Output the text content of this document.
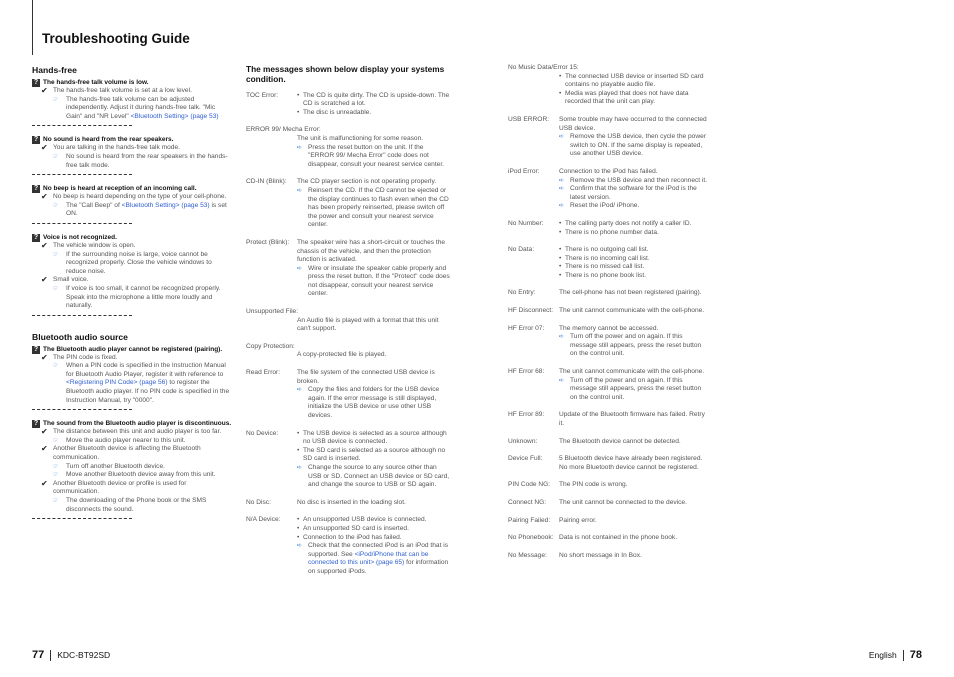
Troubleshooting Guide
Hands-free
? The hands-free talk volume is low.
✔ The hands-free talk volume is set at a low level.
☞	The hands-free talk volume can be adjusted independently. Adjust it during hands-free talk. "Mic Gain" and "NR Level" <Bluetooth Setting> (page 53)
? No sound is heard from the rear speakers.
✔ You are talking in the hands-free talk mode.
☞	No sound is heard from the rear speakers in the hands-free talk mode.
? No beep is heard at reception of an incoming call.
✔ No beep is heard depending on the type of your cell-phone.
☞	The "Call Beep" of <Bluetooth Setting> (page 53) is set ON.
? Voice is not recognized.
✔ The vehicle window is open.
☞	If the surrounding noise is large, voice cannot be recognized properly. Close the vehicle windows to reduce noise.
✔ Small voice.
☞	If voice is too small, it cannot be recognized properly. Speak into the microphone a little more loudly and naturally.
Bluetooth audio source
? The Bluetooth audio player cannot be registered (pairing).
✔ The PIN code is fixed.
☞	When a PIN code is specified in the Instruction Manual for Bluetooth Audio Player, register it with reference to <Registering PIN Code> (page 56) to register the Bluetooth audio player. If no PIN code is specified in the Instruction Manual, try "0000".
? The sound from the Bluetooth audio player is discontinuous.
✔ The distance between this unit and audio player is too far.
☞	Move the audio player nearer to this unit.
✔ Another Bluetooth device is affecting the Bluetooth communication.
☞	Turn off another Bluetooth device.
☞	Move another Bluetooth device away from this unit.
✔ Another Bluetooth device or profile is used for communication.
☞	The downloading of the Phone book or the SMS disconnects the sound.
The messages shown below display your systems condition.
TOC Error:	• The CD is quite dirty. The CD is upside-down. The CD is scratched a lot.
• The disc is unreadable.
ERROR 99/ Mecha Error:
The unit is malfunctioning for some reason.
➪ Press the reset button on the unit. If the "ERROR 99/ Mecha Error" code does not disappear, consult your nearest service center.
CD-IN (Blink):	The CD player section is not operating properly.
➪ Reinsert the CD. If the CD cannot be ejected or the display continues to flash even when the CD has been properly reinserted, please switch off the power and consult your nearest service center.
Protect (Blink):	The speaker wire has a short-circuit or touches the chassis of the vehicle, and then the protection function is activated.
➪ Wire or insulate the speaker cable properly and press the reset button. If the "Protect" code does not disappear, consult your nearest service center.
Unsupported File:
An Audio file is played with a format that this unit can't support.
Copy Protection:
A copy-protected file is played.
Read Error:	The file system of the connected USB device is broken.
➪ Copy the files and folders for the USB device again. If the error message is still displayed, initialize the USB device or use other USB devices.
No Device:	• The USB device is selected as a source although no USB device is connected.
• The SD card is selected as a source although no SD card is inserted.
➪ Change the source to any source other than USB or SD. Connect an USB device or SD card, and change the source to USB or SD again.
No Disc:	No disc is inserted in the loading slot.
N/A Device:	• An unsupported USB device is connected.
• An unsupported SD card is inserted.
• Connection to the iPod has failed.
➪ Check that the connected iPod is an iPod that is supported. See <iPod/iPhone that can be connected to this unit> (page 65) for information on supported iPods.
No Music Data/Error 15:
• The connected USB device or inserted SD card contains no playable audio file.
• Media was played that does not have data recorded that the unit can play.
USB ERROR:	Some trouble may have occurred to the connected USB device.
➪ Remove the USB device, then cycle the power switch to ON. If the same display is repeated, use another USB device.
iPod Error:	Connection to the iPod has failed.
➪ Remove the USB device and then reconnect it.
➪ Confirm that the software for the iPod is the latest version.
➪ Reset the iPod/ iPhone.
No Number:	• The calling party does not notify a caller ID.
• There is no phone number data.
No Data:	• There is no outgoing call list.
• There is no incoming call list.
• There is no missed call list.
• There is no phone book list.
No Entry:	The cell-phone has not been registered (pairing).
HF Disconnect: The unit cannot communicate with the cell-phone.
HF Error 07:	The memory cannot be accessed.
➪ Turn off the power and on again. If this message still appears, press the reset button on the control unit.
HF Error 68:	The unit cannot communicate with the cell-phone.
➪ Turn off the power and on again. If this message still appears, press the reset button on the control unit.
HF Error 89:	Update of the Bluetooth firmware has failed. Retry it.
Unknown:	The Bluetooth device cannot be detected.
Device Full:	5 Bluetooth device have already been registered. No more Bluetooth device cannot be registered.
PIN Code NG:	The PIN code is wrong.
Connect NG:	The unit cannot be connected to the device.
Pairing Failed:	Pairing error.
No Phonebook: Data is not contained in the phone book.
No Message:	No short message in In Box.
77 KDC-BT92SD	English 78
